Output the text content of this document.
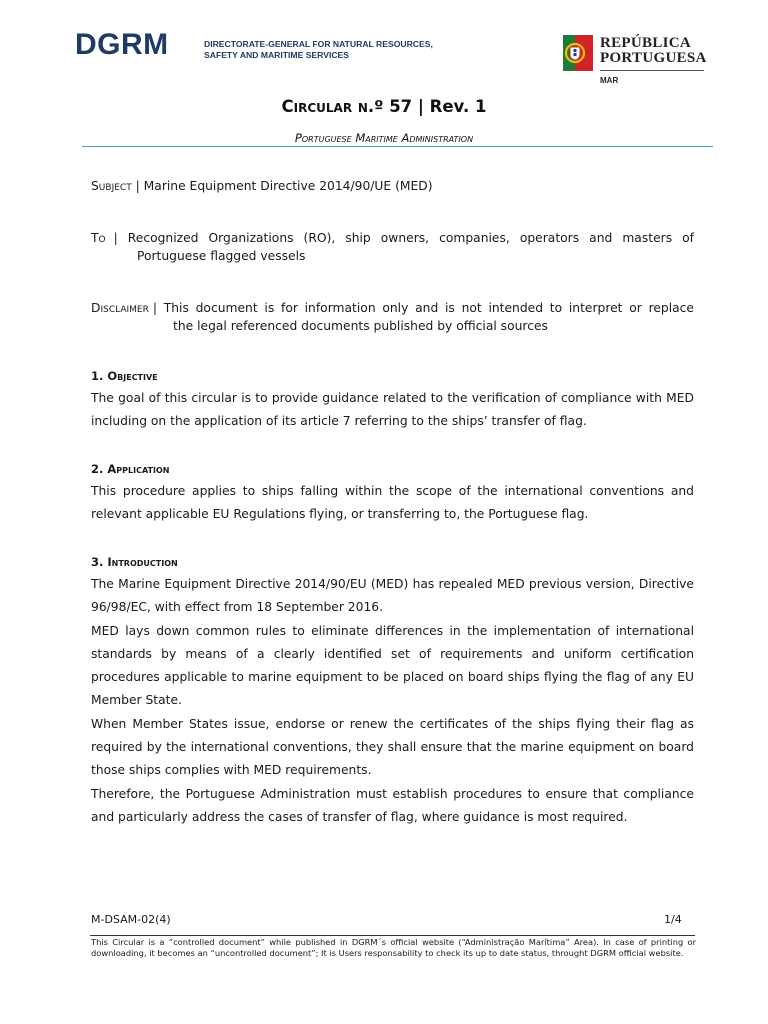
DGRM	DIRECTORATE-GENERAL FOR NATURAL RESOURCES,
SAFETY AND MARITIME SERVICES
REPÚBLICA
PORTUGUESA
MAR
Circular n.º 57 | Rev. 1
Portuguese Maritime Administration
Subject | Marine Equipment Directive 2014/90/UE (MED)
To | Recognized Organizations (RO), ship owners, companies, operators and masters of
Portuguese flagged vessels
Disclaimer | This document is for information only and is not intended to interpret or replace
the legal referenced documents published by official sources
1. Objective

The goal of this circular is to provide guidance related to the verification of compliance with MED including on the application of its article 7 referring to the ships’ transfer of flag.

2. Application

This procedure applies to ships falling within the scope of the international conventions and relevant applicable EU Regulations flying, or transferring to, the Portuguese flag.

3. Introduction

The Marine Equipment Directive 2014/90/EU (MED) has repealed MED previous version, Directive 96/98/EC, with effect from 18 September 2016.

MED lays down common rules to eliminate differences in the implementation of international standards by means of a clearly identified set of requirements and uniform certification procedures applicable to marine equipment to be placed on board ships flying the flag of any EU Member State.

When Member States issue, endorse or renew the certificates of the ships flying their flag as required by the international conventions, they shall ensure that the marine equipment on board those ships complies with MED requirements.

Therefore, the Portuguese Administration must establish procedures to ensure that compliance and particularly address the cases of transfer of flag, where guidance is most required.

M-DSAM-02(4)	1/4
This Circular is a “controlled document” while published in DGRM´s official website (“Administração Marítima” Area). In case of printing or downloading, it becomes an “uncontrolled document”; It is Users responsability to check its up to date status, throught DGRM official website.
